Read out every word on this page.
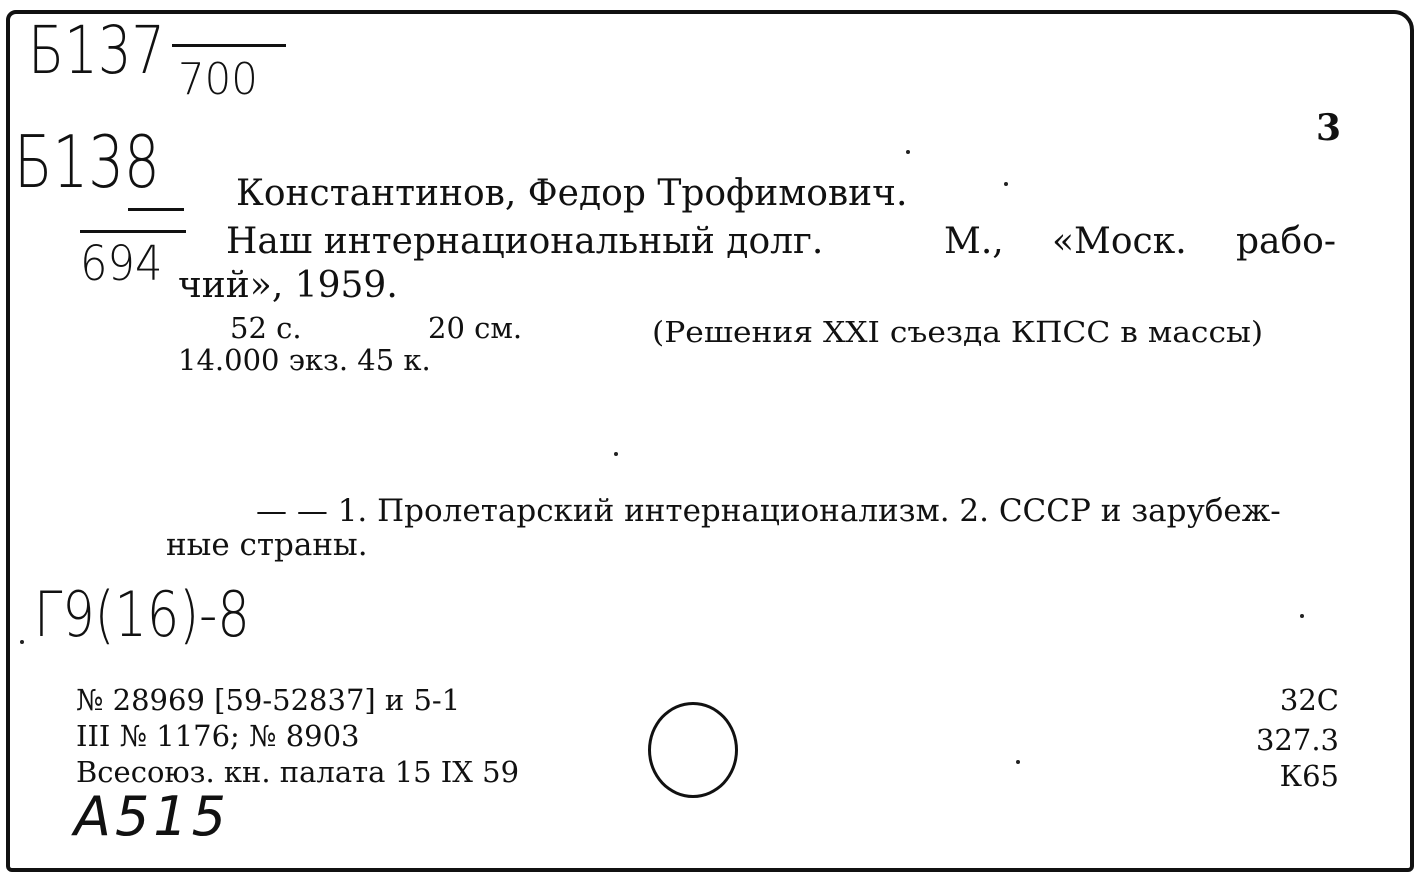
Б137 700
Б138
694
3
Константинов, Федор Трофимович.
Наш интернациональный долг.	М., «Моск. рабо-
чий», 1959.
52 с.	20 см.	(Решения XXI съезда КПСС в массы)
14.000 экз. 45 к.
— — 1. Пролетарский интернационализм. 2. СССР и зарубеж-
ные страны.
Г9(16)-8
№ 28969 [59-52837] и 5-1
III № 1176; № 8903
Всесоюз. кн. палата 15 IX 59
32С
327.3
К65
A515
